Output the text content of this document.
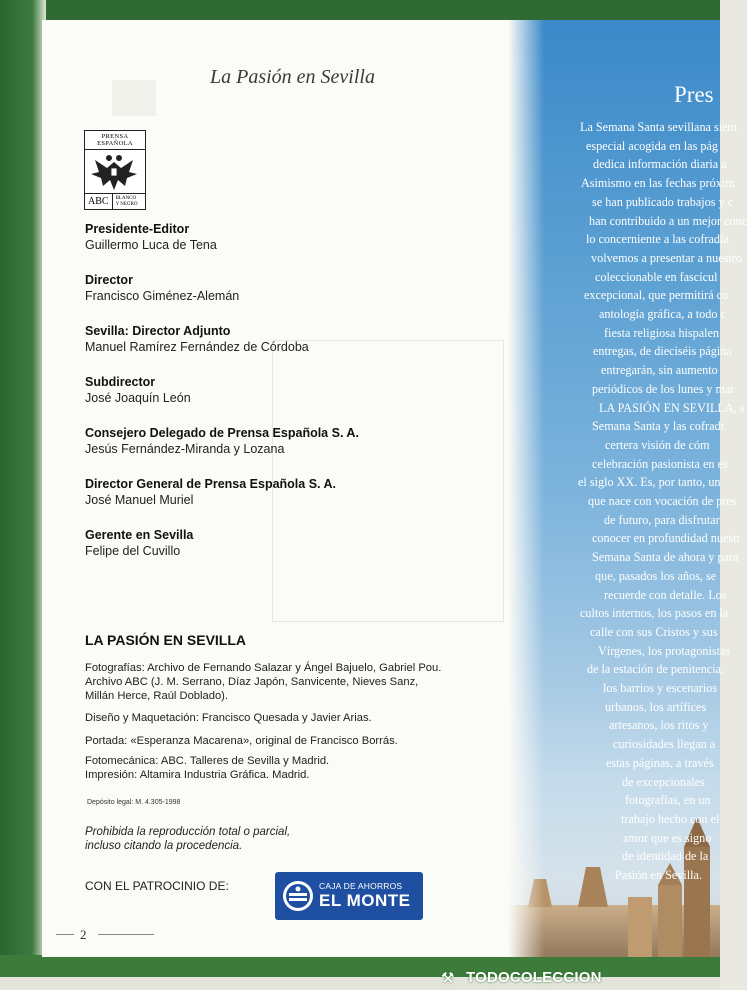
La Pasión en Sevilla
PRENSA ESPAÑOLA
ABC	BLANCO Y NEGRO
Presidente-Editor
Guillermo Luca de Tena
Director
Francisco Giménez-Alemán
Sevilla: Director Adjunto
Manuel Ramírez Fernández de Córdoba
Subdirector
José Joaquín León
Consejero Delegado de Prensa Española S. A.
Jesús Fernández-Miranda y Lozana
Director General de Prensa Española S. A.
José Manuel Muriel
Gerente en Sevilla
Felipe del Cuvillo
LA PASIÓN EN SEVILLA
Fotografías: Archivo de Fernando Salazar y Ángel Bajuelo, Gabriel Pou.
Archivo ABC (J. M. Serrano, Díaz Japón, Sanvicente, Nieves Sanz,
Millán Herce, Raúl Doblado).
Diseño y Maquetación: Francisco Quesada y Javier Arias.
Portada: «Esperanza Macarena», original de Francisco Borrás.
Fotomecánica: ABC. Talleres de Sevilla y Madrid.
Impresión: Altamira Industria Gráfica. Madrid.
Depósito legal: M. 4.305-1998
Prohibida la reproducción total o parcial,
incluso citando la procedencia.
CON EL PATROCINIO DE:	CAJA DE AHORROS
EL MONTE
2
Pres
La Semana Santa sevillana siem
especial acogida en las pág
dedica información diaria a
Asimismo en las fechas próxim
se han publicado trabajos y c
han contribuido a un mejor conc
lo concerniente a las cofradía
volvemos a presentar a nuestro
coleccionable en fascícul
excepcional, que permitirá co
antología gráfica, a todo c
fiesta religiosa hispalen
entregas, de dieciséis página
entregarán, sin aumento
periódicos de los lunes y mar
LA PASIÓN EN SEVILLA, s
Semana Santa y las cofradí
certera visión de cóm
celebración pasionista en es
el siglo XX. Es, por tanto, un
que nace con vocación de pres
de futuro, para disfrutar
conocer en profundidad nuestr
Semana Santa de ahora y para
que, pasados los años, se
recuerde con detalle. Los
cultos internos, los pasos en la
calle con sus Cristos y sus
Vírgenes, los protagonistas
de la estación de penitencia,
los barrios y escenarios
urbanos, los artífices
artesanos, los ritos y
curiosidades llegan a
estas páginas, a través
de excepcionales
fotografías, en un
trabajo hecho con el
amor que es signo
de identidad de la
Pasión en Sevilla.
⚒ TODOCOLECCION
